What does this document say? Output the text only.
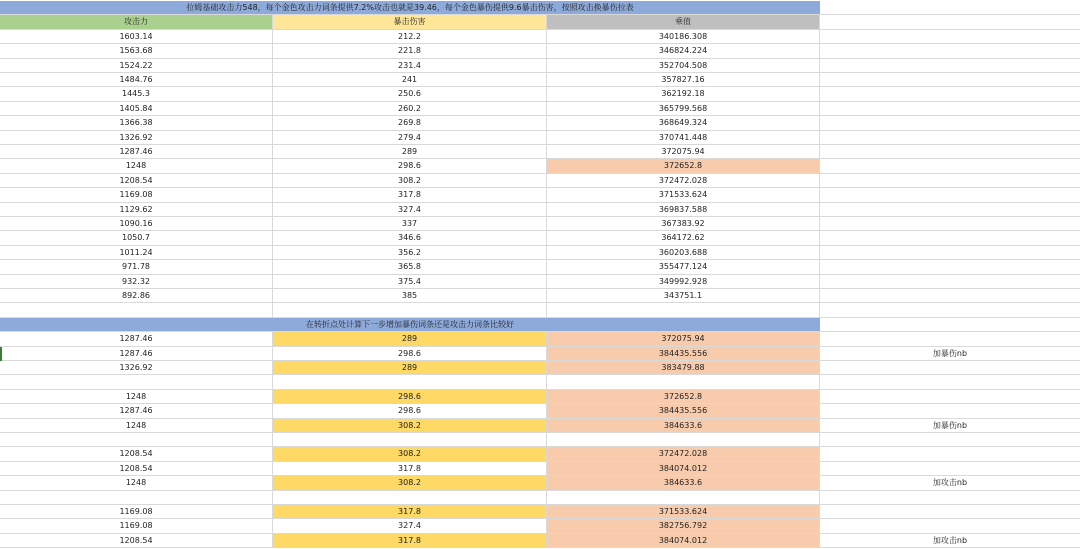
拉姆基础攻击力548，每个金色攻击力词条提供7.2%攻击也就是39.46，每个金色暴伤提供9.6暴击伤害，按照攻击换暴伤拉表
攻击力	暴击伤害	乘值
1603.14	212.2	340186.308
1563.68	221.8	346824.224
1524.22	231.4	352704.508
1484.76	241	357827.16
1445.3	250.6	362192.18
1405.84	260.2	365799.568
1366.38	269.8	368649.324
1326.92	279.4	370741.448
1287.46	289	372075.94
1248	298.6	372652.8
1208.54	308.2	372472.028
1169.08	317.8	371533.624
1129.62	327.4	369837.588
1090.16	337	367383.92
1050.7	346.6	364172.62
1011.24	356.2	360203.688
971.78	365.8	355477.124
932.32	375.4	349992.928
892.86	385	343751.1
在转折点处计算下一步增加暴伤词条还是攻击力词条比较好
1287.46	289	372075.94
1287.46	298.6	384435.556	加暴伤nb
1326.92	289	383479.88
1248	298.6	372652.8
1287.46	298.6	384435.556
1248	308.2	384633.6	加暴伤nb
1208.54	308.2	372472.028
1208.54	317.8	384074.012
1248	308.2	384633.6	加攻击nb
1169.08	317.8	371533.624
1169.08	327.4	382756.792
1208.54	317.8	384074.012	加攻击nb
